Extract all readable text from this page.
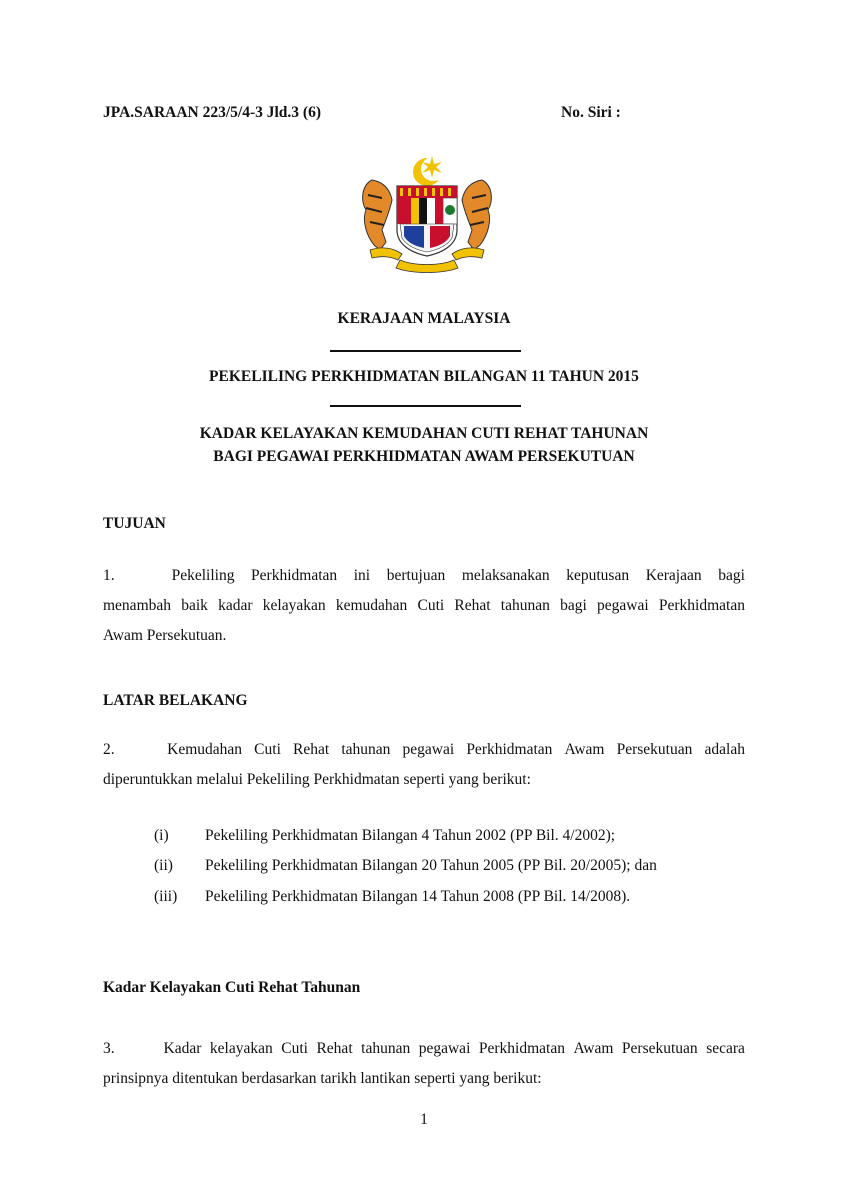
JPA.SARAAN 223/5/4-3 Jld.3 (6)	No. Siri :
KERAJAAN MALAYSIA
PEKELILING PERKHIDMATAN BILANGAN 11 TAHUN 2015
KADAR KELAYAKAN KEMUDAHAN CUTI REHAT TAHUNAN
BAGI PEGAWAI PERKHIDMATAN AWAM PERSEKUTUAN
TUJUAN
1.	Pekeliling Perkhidmatan ini bertujuan melaksanakan keputusan Kerajaan bagi
menambah baik kadar kelayakan kemudahan Cuti Rehat tahunan bagi pegawai Perkhidmatan
Awam Persekutuan.
LATAR BELAKANG
2.	Kemudahan Cuti Rehat tahunan pegawai Perkhidmatan Awam Persekutuan adalah
diperuntukkan melalui Pekeliling Perkhidmatan seperti yang berikut:
(i) Pekeliling Perkhidmatan Bilangan 4 Tahun 2002 (PP Bil. 4/2002);
(ii) Pekeliling Perkhidmatan Bilangan 20 Tahun 2005 (PP Bil. 20/2005); dan
(iii) Pekeliling Perkhidmatan Bilangan 14 Tahun 2008 (PP Bil. 14/2008).
Kadar Kelayakan Cuti Rehat Tahunan
3.	Kadar kelayakan Cuti Rehat tahunan pegawai Perkhidmatan Awam Persekutuan secara
prinsipnya ditentukan berdasarkan tarikh lantikan seperti yang berikut:
1
